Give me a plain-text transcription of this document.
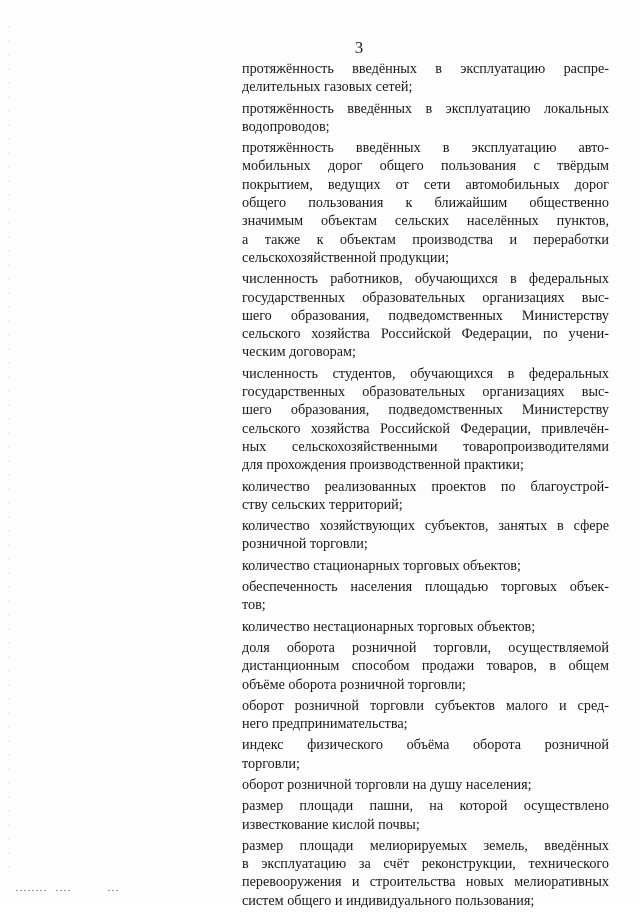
3

протяжённость введённых в эксплуатацию распре-
делительных газовых сетей;

протяжённость введённых в эксплуатацию локальных
водопроводов;

протяжённость введённых в эксплуатацию авто-
мобильных дорог общего пользования с твёрдым
покрытием, ведущих от сети автомобильных дорог
общего пользования к ближайшим общественно
значимым объектам сельских населённых пунктов,
а также к объектам производства и переработки
сельскохозяйственной продукции;

численность работников, обучающихся в федеральных
государственных образовательных организациях выс-
шего образования, подведомственных Министерству
сельского хозяйства Российской Федерации, по учени-
ческим договорам;

численность студентов, обучающихся в федеральных
государственных образовательных организациях выс-
шего образования, подведомственных Министерству
сельского хозяйства Российской Федерации, привлечён-
ных сельскохозяйственными товаропроизводителями
для прохождения производственной практики;

количество реализованных проектов по благоустрой-
ству сельских территорий;

количество хозяйствующих субъектов, занятых в сфере
розничной торговли;

количество стационарных торговых объектов;

обеспеченность населения площадью торговых объек-
тов;

количество нестационарных торговых объектов;

доля оборота розничной торговли, осуществляемой
дистанционным способом продажи товаров, в общем
объёме оборота розничной торговли;

оборот розничной торговли субъектов малого и сред-
него предпринимательства;

индекс физического объёма оборота розничной
торговли;

оборот розничной торговли на душу населения;

размер площади пашни, на которой осуществлено
известкование кислой почвы;

размер площади мелиорируемых земель, введённых
в эксплуатацию за счёт реконструкции, технического
перевооружения и строительства новых мелиоративных
систем общего и индивидуального пользования;
